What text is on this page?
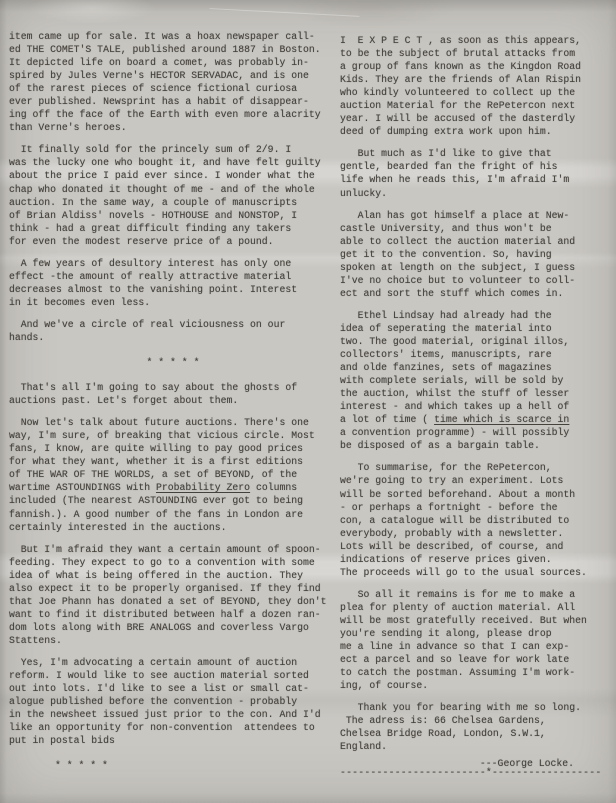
item came up for sale. It was a hoax newspaper call-
ed THE COMET'S TALE, published around 1887 in Boston.
It depicted life on board a comet, was probably in-
spired by Jules Verne's HECTOR SERVADAC, and is one
of the rarest pieces of science fictional curiosa
ever published. Newsprint has a habit of disappear-
ing off the face of the Earth with even more alacrity
than Verne's heroes.
It finally sold for the princely sum of 2/9. I
was the lucky one who bought it, and have felt guilty
about the price I paid ever since. I wonder what the
chap who donated it thought of me - and of the whole
auction. In the same way, a couple of manuscripts
of Brian Aldiss' novels - HOTHOUSE and NONSTOP, I
think - had a great difficult finding any takers
for even the modest reserve price of a pound.
A few years of desultory interest has only one
effect -the amount of really attractive material
decreases almost to the vanishing point. Interest
in it becomes even less.
And we've a circle of real viciousness on our
hands.
* * * * *
That's all I'm going to say about the ghosts of
auctions past. Let's forget about them.
Now let's talk about future auctions. There's one
way, I'm sure, of breaking that vicious circle. Most
fans, I know, are quite willing to pay good prices
for what they want, whether it is a first editions
of THE WAR OF THE WORLDS, a set of BEYOND, of the
wartime ASTOUNDINGS with Probability Zero columns
included (The nearest ASTOUNDING ever got to being
fannish.). A good number of the fans in London are
certainly interested in the auctions.
But I'm afraid they want a certain amount of spoon-
feeding. They expect to go to a convention with some
idea of what is being offered in the auction. They
also expect it to be properly organised. If they find
that Joe Phann has donated a set of BEYOND, they don't
want to find it distributed between half a dozen ran-
dom lots along with BRE ANALOGS and coverless Vargo
Stattens.
Yes, I'm advocating a certain amount of auction
reform. I would like to see auction material sorted
out into lots. I'd like to see a list or small cat-
alogue published before the convention - probably
in the newsheet issued just prior to the con. And I'd
like an opportunity for non-convention  attendees to
put in postal bids
* * * * *
I  E X P E C T , as soon as this appears,
to be the subject of brutal attacks from
a group of fans known as the Kingdon Road
Kids. They are the friends of Alan Rispin
who kindly volunteered to collect up the
auction Material for the RePetercon next
year. I will be accused of the dasterdly
deed of dumping extra work upon him.
But much as I'd like to give that
gentle, bearded fan the fright of his
life when he reads this, I'm afraid I'm
unlucky.
Alan has got himself a place at New-
castle University, and thus won't be
able to collect the auction material and
get it to the convention. So, having
spoken at length on the subject, I guess
I've no choice but to volunteer to coll-
ect and sort the stuff which comes in.
Ethel Lindsay had already had the
idea of seperating the material into
two. The good material, original illos,
collectors' items, manuscripts, rare
and olde fanzines, sets of magazines
with complete serials, will be sold by
the auction, whilst the stuff of lesser
interest - and which takes up a hell of
a lot of time ( time which is scarce in
a convention programme) - will possibly
be disposed of as a bargain table.
To summarise, for the RePetercon,
we're going to try an experiment. Lots
will be sorted beforehand. About a month
- or perhaps a fortnight - before the
con, a catalogue will be distributed to
everybody, probably with a newsletter.
Lots will be described, of course, and
indications of reserve prices given.
The proceeds will go to the usual sources.
So all it remains is for me to make a
plea for plenty of auction material. All
will be most gratefully received. But when
you're sending it along, please drop
me a line in advance so that I can exp-
ect a parcel and so leave for work late
to catch the postman. Assuming I'm work-
ing, of course.
Thank you for bearing with me so long.
The adress is: 66 Chelsea Gardens,
Chelsea Bridge Road, London, S.W.1,
England.
---George Locke.
------------------------*------------------
